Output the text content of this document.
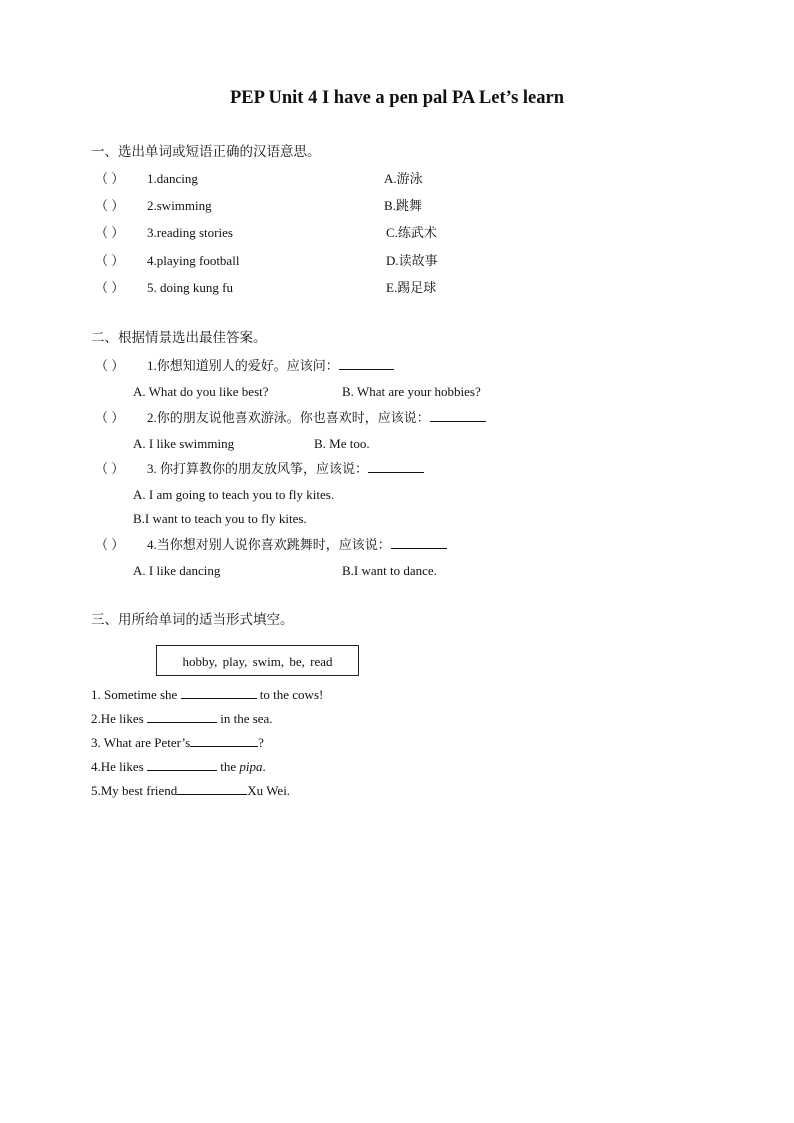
PEP Unit 4 I have a pen pal PA Let’s learn
一、选出单词或短语正确的汉语意思。
（ ） 1.dancing	A.游泳
（ ） 2.swimming	B.跳舞
（ ） 3.reading stories	C.练武术
（ ） 4.playing football	D.读故事
（ ） 5. doing kung fu	E.踢足球
二、根据情景选出最佳答案。
（ ） 1.你想知道别人的爱好。应该问：
A. What do you like best?	B. What are your hobbies?
（ ） 2.你的朋友说他喜欢游泳。你也喜欢时，应该说：
A. I like swimming	B. Me too.
（ ） 3. 你打算教你的朋友放风筝，应该说：
A. I am going to teach you to fly kites.
B.I want to teach you to fly kites.
（ ） 4.当你想对别人说你喜欢跳舞时，应该说：
A. I like dancing	B.I want to dance.
三、用所给单词的适当形式填空。
hobby, play, swim, be, read
1. Sometime she	to the cows!
2.He likes	in the sea.
3. What are Peter’s	?
4.He likes	the pipa.
5.My best friend	Xu Wei.
